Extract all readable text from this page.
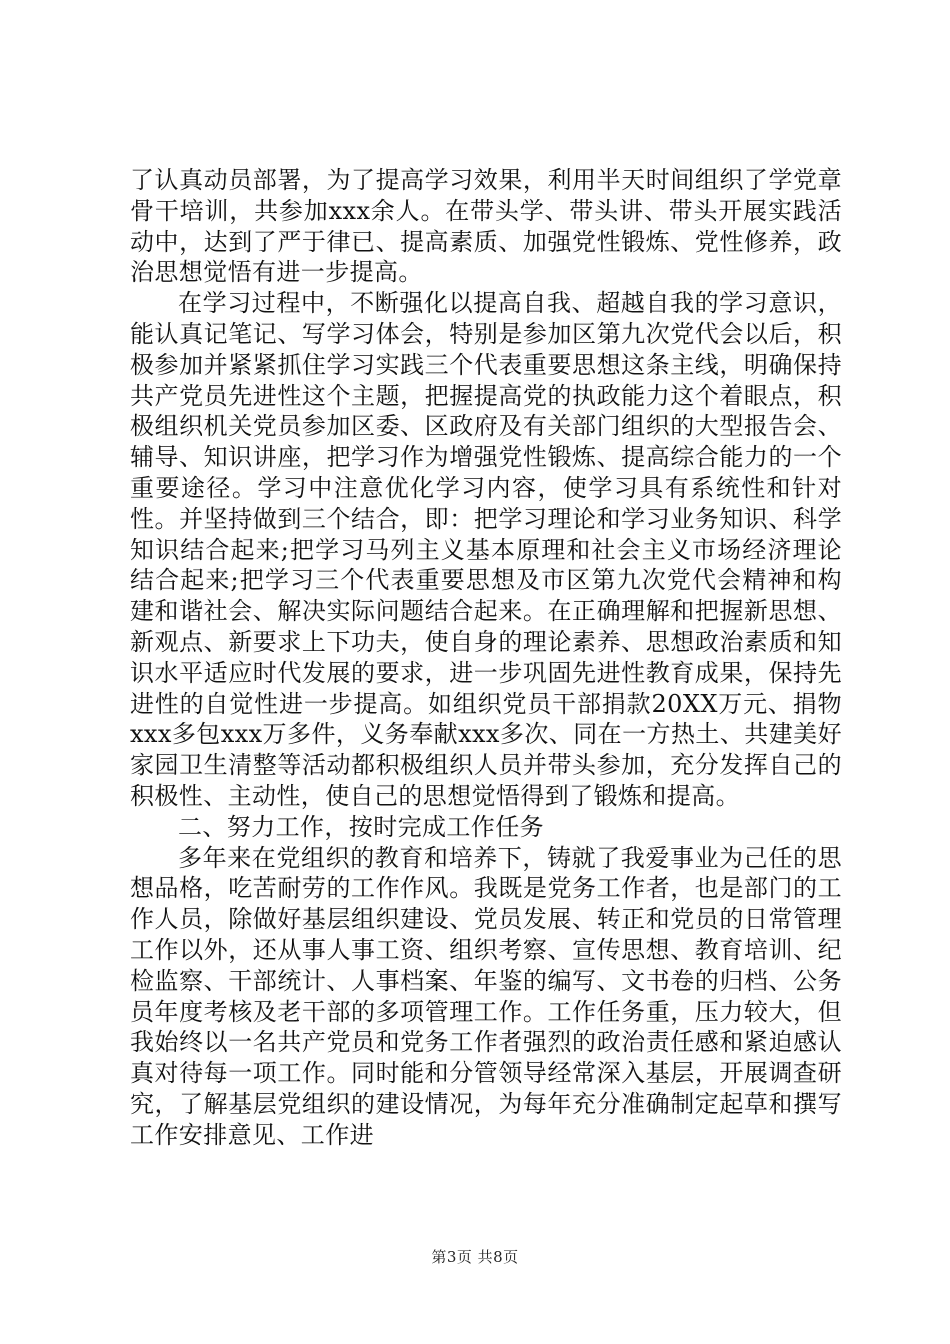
了认真动员部署，为了提高学习效果，利用半天时间组织了学党章骨干培训，共参加xxx余人。在带头学、带头讲、带头开展实践活动中，达到了严于律已、提高素质、加强党性锻炼、党性修养，政治思想觉悟有进一步提高。

在学习过程中，不断强化以提高自我、超越自我的学习意识，能认真记笔记、写学习体会，特别是参加区第九次党代会以后，积极参加并紧紧抓住学习实践三个代表重要思想这条主线，明确保持共产党员先进性这个主题，把握提高党的执政能力这个着眼点，积极组织机关党员参加区委、区政府及有关部门组织的大型报告会、辅导、知识讲座，把学习作为增强党性锻炼、提高综合能力的一个重要途径。学习中注意优化学习内容，使学习具有系统性和针对性。并坚持做到三个结合，即：把学习理论和学习业务知识、科学知识结合起来;把学习马列主义基本原理和社会主义市场经济理论结合起来;把学习三个代表重要思想及市区第九次党代会精神和构建和谐社会、解决实际问题结合起来。在正确理解和把握新思想、新观点、新要求上下功夫，使自身的理论素养、思想政治素质和知识水平适应时代发展的要求，进一步巩固先进性教育成果，保持先进性的自觉性进一步提高。如组织党员干部捐款20XX万元、捐物xxx多包xxx万多件，义务奉献xxx多次、同在一方热土、共建美好家园卫生清整等活动都积极组织人员并带头参加，充分发挥自己的积极性、主动性，使自己的思想觉悟得到了锻炼和提高。

二、努力工作，按时完成工作任务

多年来在党组织的教育和培养下，铸就了我爱事业为己任的思想品格，吃苦耐劳的工作作风。我既是党务工作者，也是部门的工作人员，除做好基层组织建设、党员发展、转正和党员的日常管理工作以外，还从事人事工资、组织考察、宣传思想、教育培训、纪检监察、干部统计、人事档案、年鉴的编写、文书卷的归档、公务员年度考核及老干部的多项管理工作。工作任务重，压力较大，但我始终以一名共产党员和党务工作者强烈的政治责任感和紧迫感认真对待每一项工作。同时能和分管领导经常深入基层，开展调查研究，了解基层党组织的建设情况，为每年充分准确制定起草和撰写工作安排意见、工作进

第3页 共8页
